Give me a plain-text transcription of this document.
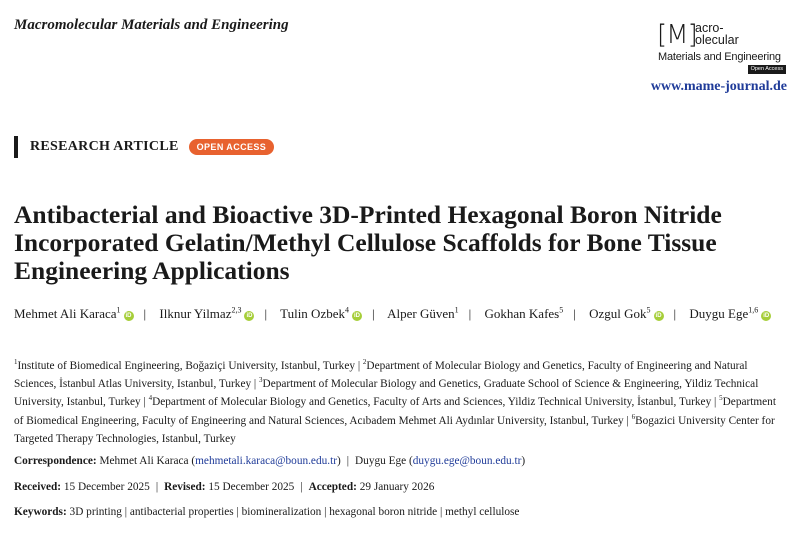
Macromolecular Materials and Engineering	[M]
acro-
olecular
Materials and Engineering
Open Access
www.mame-journal.de
RESEARCH ARTICLE	OPEN ACCESS
Antibacterial and Bioactive 3D-Printed Hexagonal Boron Nitride Incorporated Gelatin/Methyl Cellulose Scaffolds for Bone Tissue Engineering Applications

Mehmet Ali Karaca$^1$iD | Ilknur Yilmaz$^{2,3}$iD | Tulin Ozbek$^4$iD | Alper Güven$^1$ | Gokhan Kafes$^5$ | Ozgul Gok$^5$iD | Duygu Ege$^{1,6}$iD

$^1$Institute of Biomedical Engineering, Boğaziçi University, Istanbul, Turkey | $^2$Department of Molecular Biology and Genetics, Faculty of Engineering and Natural Sciences, İstanbul Atlas University, Istanbul, Turkey | $^3$Department of Molecular Biology and Genetics, Graduate School of Science & Engineering, Yildiz Technical University, Istanbul, Turkey | $^4$Department of Molecular Biology and Genetics, Faculty of Arts and Sciences, Yildiz Technical University, İstanbul, Turkey | $^5$Department of Biomedical Engineering, Faculty of Engineering and Natural Sciences, Acıbadem Mehmet Ali Aydınlar University, Istanbul, Turkey | $^6$Bogazici University Center for Targeted Therapy Technologies, Istanbul, Turkey

Correspondence: Mehmet Ali Karaca (mehmetali.karaca@boun.edu.tr) | Duygu Ege (duygu.ege@boun.edu.tr)

Received: 15 December 2025 | Revised: 15 December 2025 | Accepted: 29 January 2026

Keywords: 3D printing | antibacterial properties | biomineralization | hexagonal boron nitride | methyl cellulose
